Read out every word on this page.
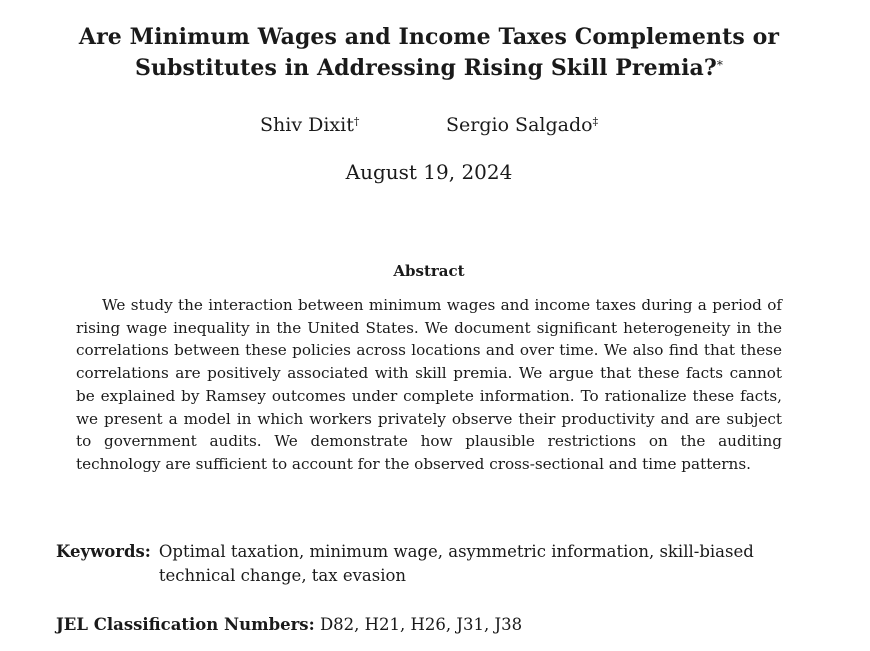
Are Minimum Wages and Income Taxes Complements or
Substitutes in Addressing Rising Skill Premia?*
Shiv Dixit†	Sergio Salgado‡
August 19, 2024
Abstract
We study the interaction between minimum wages and income taxes during a period of rising wage inequality in the United States. We document significant heterogeneity in the correlations between these policies across locations and over time. We also find that these correlations are positively associated with skill premia. We argue that these facts cannot be explained by Ramsey outcomes under complete information. To rationalize these facts, we present a model in which workers privately observe their productivity and are subject to government audits. We demonstrate how plausible restrictions on the auditing technology are sufficient to account for the observed cross-sectional and time patterns.
Keywords: Optimal taxation, minimum wage, asymmetric information, skill-biased technical change, tax evasion
JEL Classification Numbers: D82, H21, H26, J31, J38
